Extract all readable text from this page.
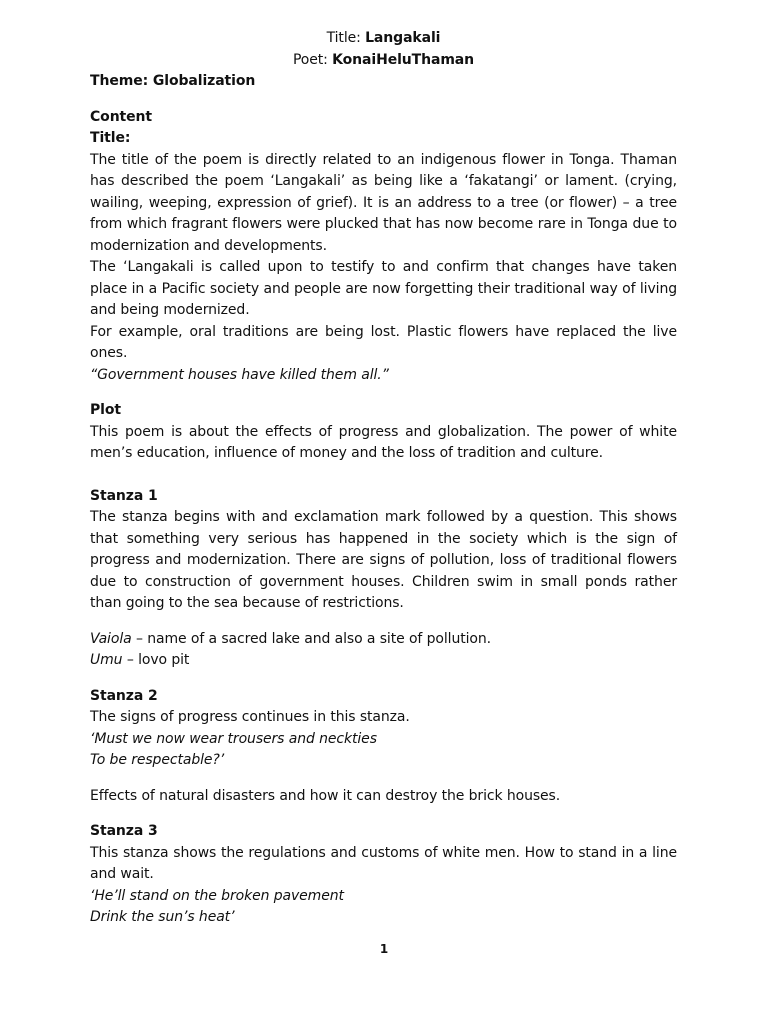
Title: Langakali
Poet: KonaiHeluThaman

Theme: Globalization

Content

Title:

The title of the poem is directly related to an indigenous flower in Tonga. Thaman has described the poem ‘Langakali’ as being like a ‘fakatangi’ or lament. (crying, wailing, weeping, expression of grief). It is an address to a tree (or flower) – a tree from which fragrant flowers were plucked that has now become rare in Tonga due to modernization and developments.

The ‘Langakali is called upon to testify to and confirm that changes have taken place in a Pacific society and people are now forgetting their traditional way of living and being modernized.

For example, oral traditions are being lost. Plastic flowers have replaced the live ones.

“Government houses have killed them all.”

Plot

This poem is about the effects of progress and globalization. The power of white men’s education, influence of money and the loss of tradition and culture.

Stanza 1

The stanza begins with and exclamation mark followed by a question. This shows that something very serious has happened in the society which is the sign of progress and modernization. There are signs of pollution, loss of traditional flowers due to construction of government houses. Children swim in small ponds rather than going to the sea because of restrictions.

Vaiola – name of a sacred lake and also a site of pollution.

Umu – lovo pit

Stanza 2

The signs of progress continues in this stanza.

‘Must we now wear trousers and neckties

To be respectable?’

Effects of natural disasters and how it can destroy the brick houses.

Stanza 3

This stanza shows the regulations and customs of white men. How to stand in a line and wait.

‘He’ll stand on the broken pavement

Drink the sun’s heat’

1
